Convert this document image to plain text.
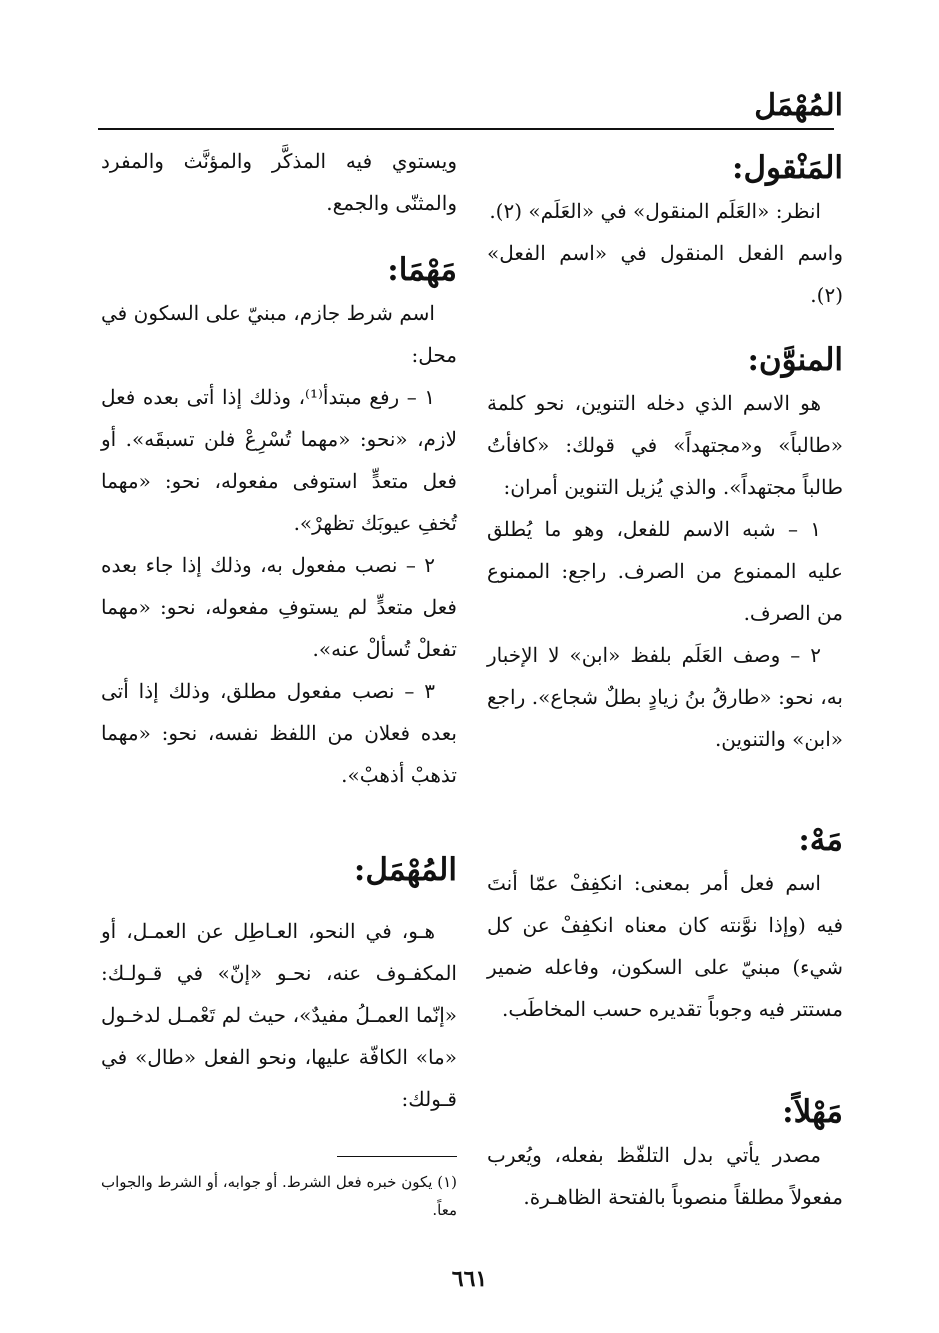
المُهْمَل
المَنْقول:

انظر: «العَلَم المنقول» في «العَلَم» (٢).

واسم الفعل المنقول في «اسم الفعل» (٢).

المنوَّن:

هو الاسم الذي دخله التنوين، نحو كلمة «طالباً» و«مجتهداً» في قولك: «كافأتُ طالباً مجتهداً». والذي يُزيل التنوين أمران:

١ – شبه الاسم للفعل، وهو ما يُطلق عليه الممنوع من الصرف. راجع: الممنوع من الصرف.

٢ – وصف العَلَم بلفظ «ابن» لا الإخبار به، نحو: «طارقُ بنُ زيادٍ بطلٌ شجاع». راجع «ابن» والتنوين.

مَهْ:

اسم فعل أمر بمعنى: انكفِفْ عمّا أنتَ فيه (وإذا نوَّنته كان معناه انكفِفْ عن كل شيء) مبنيّ على السكون، وفاعله ضمير مستتر فيه وجوباً تقديره حسب المخاطَب.

مَهْلاً:

مصدر يأتي بدل التلفّظ بفعله، ويُعرب مفعولاً مطلقاً منصوباً بالفتحة الظاهـرة.

ويستوي فيه المذكَّر والمؤنَّث والمفرد والمثنّى والجمع.

مَهْمَا:

اسم شرط جازم، مبنيّ على السكون في محل:

١ – رفع مبتدأ⁽¹⁾، وذلك إذا أتى بعده فعل لازم، «نحو: «مهما تُسْرِعْ فلن تسبقَه». أو فعل متعدٍّ استوفى مفعوله، نحو: «مهما تُخفِ عيوبَك تظهرْ».

٢ – نصب مفعول به، وذلك إذا جاء بعده فعل متعدٍّ لم يستوفِ مفعوله، نحو: «مهما تفعلْ تُسألْ عنه».

٣ – نصب مفعول مطلق، وذلك إذا أتى بعده فعلان من اللفظ نفسه، نحو: «مهما تذهبْ أذهبْ».

المُهْمَل:

هـو، في النحو، العـاطِل عن العمـل، أو المكفـوف عنه، نحـو «إنّ» في قـولـك: «إنّما العمـلُ مفيدٌ»، حيث لم تَعْمـل لدخـول «ما» الكافّة عليها، ونحو الفعل «طال» في قـولك:

(١) يكون خبره فعل الشرط. أو جوابه، أو الشرط والجواب معاً.
٦٦١
